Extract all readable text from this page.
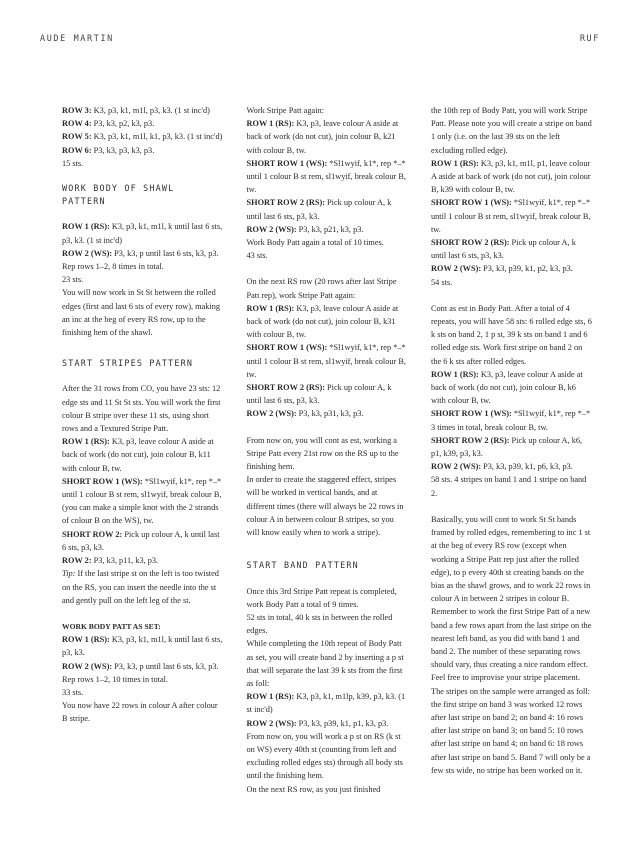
AUDE MARTIN	RUF

ROW 3: K3, p3, k1, m1l, p3, k3. (1 st inc'd)

ROW 4: P3, k3, p2, k3, p3.

ROW 5: K3, p3, k1, m1l, k1, p3, k3. (1 st inc'd)

ROW 6: P3, k3, p3, k3, p3.

15 sts.

WORK BODY OF SHAWL PATTERN

ROW 1 (RS): K3, p3, k1, m1l, k until last 6 sts, p3, k3. (1 st inc'd)

ROW 2 (WS): P3, k3, p until last 6 sts, k3, p3.

Rep rows 1–2, 8 times in total.

23 sts.

You will now work in St St between the rolled edges (first and last 6 sts of every row), making an inc at the beg of every RS row, up to the finishing hem of the shawl.

START STRIPES PATTERN

After the 31 rows from CO, you have 23 sts: 12 edge sts and 11 St St sts. You will work the first colour B stripe over these 11 sts, using short rows and a Textured Stripe Patt.

ROW 1 (RS): K3, p3, leave colour A aside at back of work (do not cut), join colour B, k11 with colour B, tw.

SHORT ROW 1 (WS): *Sl1wyif, k1*, rep *–* until 1 colour B st rem, sl1wyif, break colour B, (you can make a simple knot with the 2 strands of colour B on the WS), tw.

SHORT ROW 2: Pick up colour A, k until last 6 sts, p3, k3.

ROW 2: P3, k3, p11, k3, p3.

Tip: If the last stripe st on the left is too twisted on the RS, you can insert the needle into the st and gently pull on the left leg of the st.

WORK BODY PATT AS SET:

ROW 1 (RS): K3, p3, k1, m1l, k until last 6 sts, p3, k3.

ROW 2 (WS): P3, k3, p until last 6 sts, k3, p3.

Rep rows 1–2, 10 times in total.

33 sts.

You now have 22 rows in colour A after colour B stripe.

Work Stripe Patt again:

ROW 1 (RS): K3, p3, leave colour A aside at back of work (do not cut), join colour B, k21 with colour B, tw.

SHORT ROW 1 (WS): *Sl1wyif, k1*, rep *–* until 1 colour B st rem, sl1wyif, break colour B, tw.

SHORT ROW 2 (RS): Pick up colour A, k until last 6 sts, p3, k3.

ROW 2 (WS): P3, k3, p21, k3, p3.

Work Body Patt again a total of 10 times.

43 sts.

On the next RS row (20 rows after last Stripe Patt rep), work Stripe Patt again:

ROW 1 (RS): K3, p3, leave colour A aside at back of work (do not cut), join colour B, k31 with colour B, tw.

SHORT ROW 1 (WS): *Sl1wyif, k1*, rep *–* until 1 colour B st rem, sl1wyif, break colour B, tw.

SHORT ROW 2 (RS): Pick up colour A, k until last 6 sts, p3, k3.

ROW 2 (WS): P3, k3, p31, k3, p3.

From now on, you will cont as est, working a Stripe Patt every 21st row on the RS up to the finishing hem.

In order to create the staggered effect, stripes will be worked in vertical bands, and at different times (there will always be 22 rows in colour A in between colour B stripes, so you will know easily when to work a stripe).

START BAND PATTERN

Once this 3rd Stripe Patt repeat is completed, work Body Patt a total of 9 times.

52 sts in total, 40 k sts in between the rolled edges.

While completing the 10th repeat of Body Patt as set, you will create band 2 by inserting a p st that will separate the last 39 k sts from the first as foll:

ROW 1 (RS): K3, p3, k1, m1lp, k39, p3, k3. (1 st inc'd)

ROW 2 (WS): P3, k3, p39, k1, p1, k3, p3.

From now on, you will work a p st on RS (k st on WS) every 40th st (counting from left and excluding rolled edges sts) through all body sts until the finishing hem.

On the next RS row, as you just finished

the 10th rep of Body Patt, you will work Stripe Patt. Please note you will create a stripe on band 1 only (i.e. on the last 39 sts on the left excluding rolled edge).

ROW 1 (RS): K3, p3, k1, m1l, p1, leave colour A aside at back of work (do not cut), join colour B, k39 with colour B, tw.

SHORT ROW 1 (WS): *Sl1wyif, k1*, rep *–* until 1 colour B st rem, sl1wyif, break colour B, tw.

SHORT ROW 2 (RS): Pick up colour A, k until last 6 sts, p3, k3.

ROW 2 (WS): P3, k3, p39, k1, p2, k3, p3.

54 sts.

Cont as est in Body Patt. After a total of 4 repeats, you will have 58 sts: 6 rolled edge sts, 6 k sts on band 2, 1 p st, 39 k sts on band 1 and 6 rolled edge sts. Work first stripe on band 2 on the 6 k sts after rolled edges.

ROW 1 (RS): K3, p3, leave colour A aside at back of work (do not cut), join colour B, k6 with colour B, tw.

SHORT ROW 1 (WS): *Sl1wyif, k1*, rep *–* 3 times in total, break colour B, tw.

SHORT ROW 2 (RS): Pick up colour A, k6, p1, k39, p3, k3.

ROW 2 (WS): P3, k3, p39, k1, p6, k3, p3.

58 sts. 4 stripes on band 1 and 1 stripe on band 2.

Basically, you will cont to work St St bands framed by rolled edges, remembering to inc 1 st at the beg of every RS row (except when working a Stripe Patt rep just after the rolled edge), to p every 40th st creating bands on the bias as the shawl grows, and to work 22 rows in colour A in between 2 stripes in colour B.

Remember to work the first Stripe Patt of a new band a few rows apart from the last stripe on the nearest left band, as you did with band 1 and band 2. The number of these separating rows should vary, thus creating a nice random effect. Feel free to improvise your stripe placement.

The stripes on the sample were arranged as foll: the first stripe on band 3 was worked 12 rows after last stripe on band 2; on band 4: 16 rows after last stripe on band 3; on band 5: 10 rows after last stripe on band 4; on band 6: 18 rows after last stripe on band 5. Band 7 will only be a few sts wide, no stripe has been worked on it.
